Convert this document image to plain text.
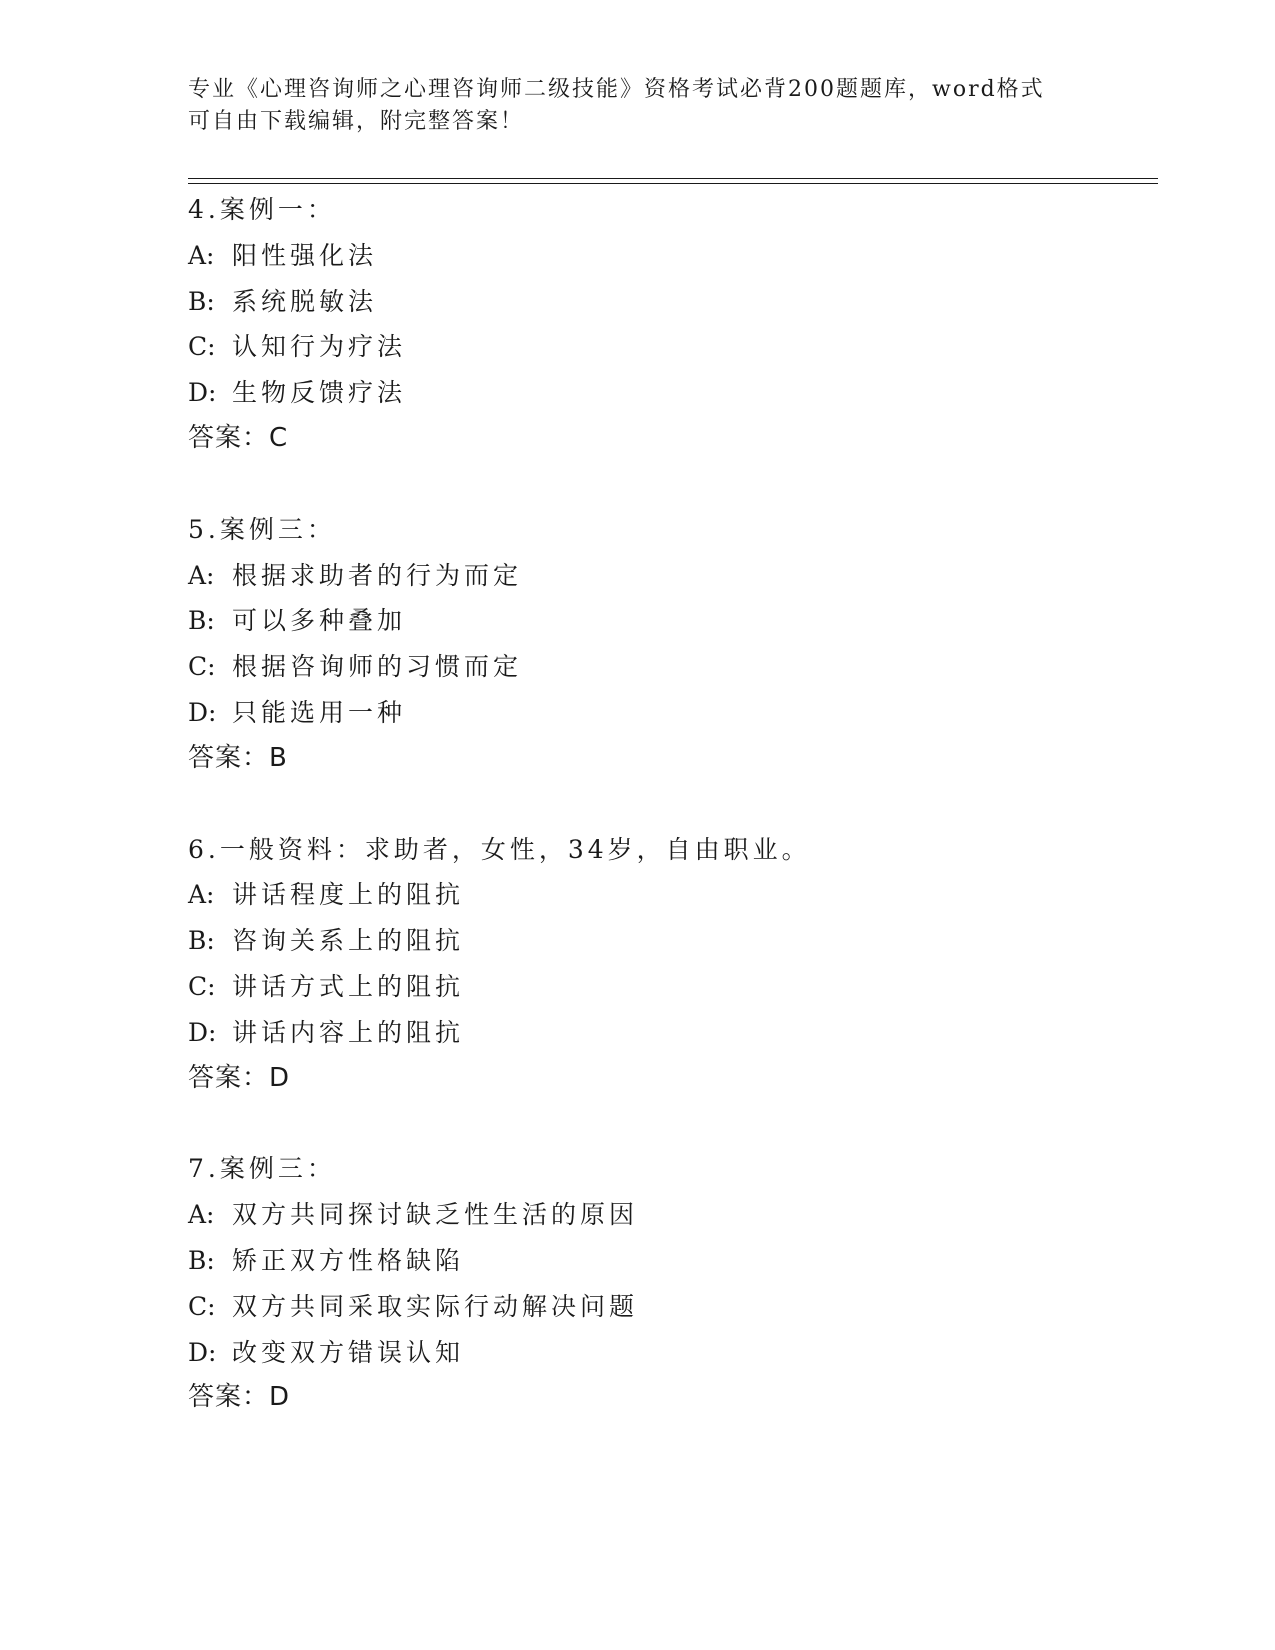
专业《心理咨询师之心理咨询师二级技能》资格考试必背200题题库，word格式
可自由下载编辑，附完整答案！
4.案例一：
A: 阳性强化法
B: 系统脱敏法
C: 认知行为疗法
D: 生物反馈疗法
答案：C
5.案例三：
A: 根据求助者的行为而定
B: 可以多种叠加
C: 根据咨询师的习惯而定
D: 只能选用一种
答案：B
6.一般资料：求助者，女性，34岁，自由职业。
A: 讲话程度上的阻抗
B: 咨询关系上的阻抗
C: 讲话方式上的阻抗
D: 讲话内容上的阻抗
答案：D
7.案例三：
A: 双方共同探讨缺乏性生活的原因
B: 矫正双方性格缺陷
C: 双方共同采取实际行动解决问题
D: 改变双方错误认知
答案：D
